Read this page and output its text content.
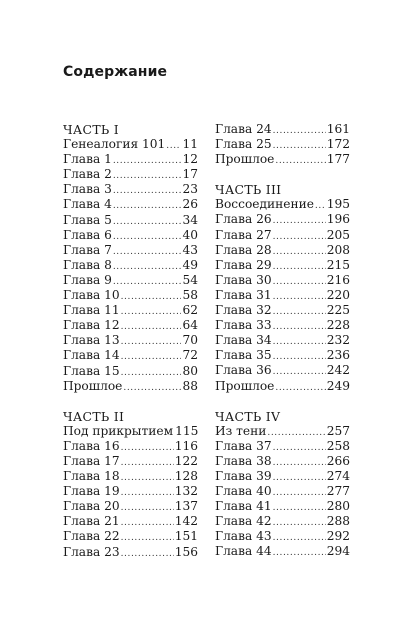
Содержание
ЧАСТЬ I
Генеалогия 101 ..... 11
Глава 1 .....	12
Глава 2 .....	17
Глава 3 .....	23
Глава 4 .....	26
Глава 5 .....	34
Глава 6 .....	40
Глава 7 .....	43
Глава 8 .....	49
Глава 9 .....	54
Глава 10 .....	58
Глава 11 .....	62
Глава 12 .....	64
Глава 13 .....	70
Глава 14 .....	72
Глава 15 .....	80
Прошлое .....	88
ЧАСТЬ II
Под прикрытием 115
Глава 16 .....	116
Глава 17 .....	122
Глава 18 .....	128
Глава 19 .....	132
Глава 20 .....	137
Глава 21 .....	142
Глава 22 .....	151
Глава 23 .....	156
Глава 24 .....	161
Глава 25 .....	172
Прошлое .....	177
ЧАСТЬ III
Воссоединение ..... 195
Глава 26 .....	196
Глава 27 .....	205
Глава 28 .....	208
Глава 29 .....	215
Глава 30 .....	216
Глава 31 .....	220
Глава 32 .....	225
Глава 33 .....	228
Глава 34 .....	232
Глава 35 .....	236
Глава 36 .....	242
Прошлое .....	249
ЧАСТЬ IV
Из тени .....	257
Глава 37 .....	258
Глава 38 .....	266
Глава 39 .....	274
Глава 40 .....	277
Глава 41 .....	280
Глава 42 .....	288
Глава 43 .....	292
Глава 44 .....	294
